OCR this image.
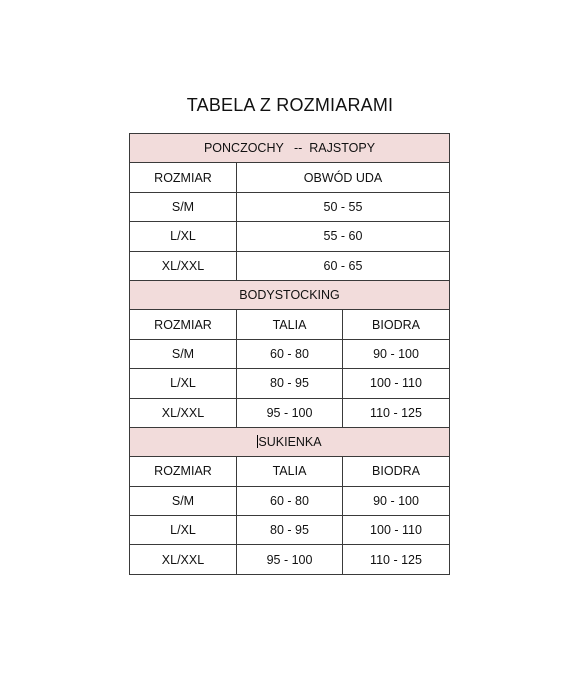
TABELA Z ROZMIARAMI
PONCZOCHY   --  RAJSTOPY		
ROZMIAR	OBWÓD UDA	
S/M	50 - 55	
L/XL	55 - 60	
XL/XXL	60 - 65	
BODYSTOCKING		
ROZMIAR	TALIA	BIODRA
S/M	60 - 80	90 - 100
L/XL	80 - 95	100 - 110
XL/XXL	95 - 100	110 - 125
SUKIENKA		
ROZMIAR	TALIA	BIODRA
S/M	60 - 80	90 - 100
L/XL	80 - 95	100 - 110
XL/XXL	95 - 100	110 - 125
